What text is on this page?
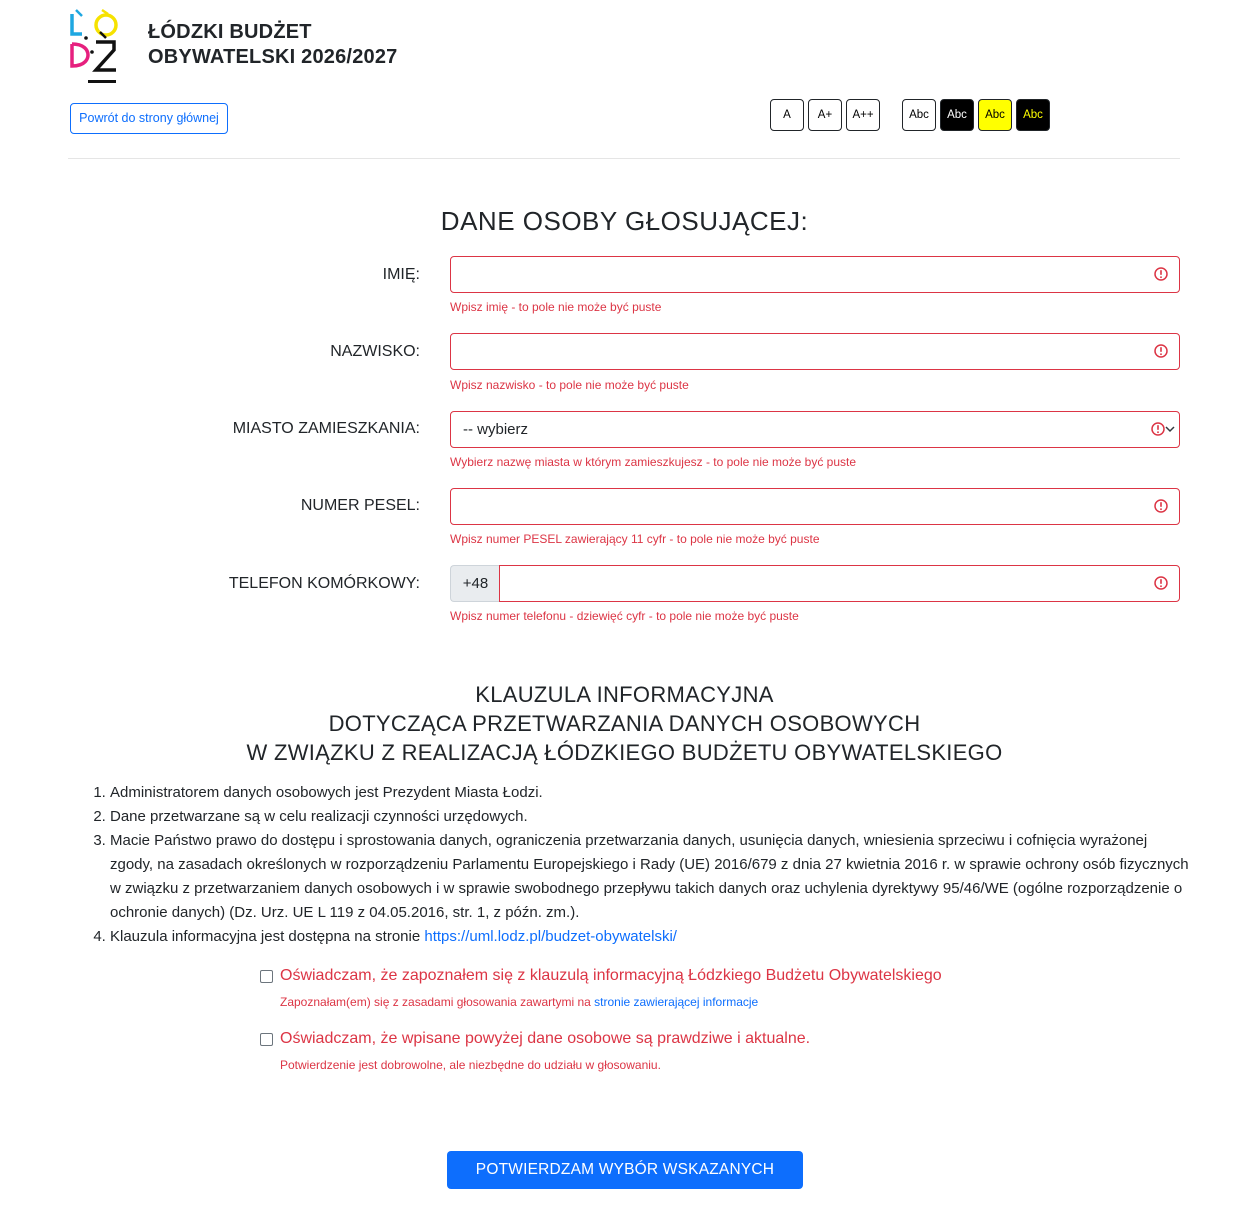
ŁÓDZKI BUDŻET
OBYWATELSKI 2026/2027
Powrót do strony głównej	A	A+	A++	Abc	Abc	Abc	Abc
DANE OSOBY GŁOSUJĄCEJ:
IMIĘ:
Wpisz imię - to pole nie może być puste
NAZWISKO:
Wpisz nazwisko - to pole nie może być puste
MIASTO ZAMIESZKANIA:	-- wybierz
Wybierz nazwę miasta w którym zamieszkujesz - to pole nie może być puste
NUMER PESEL:
Wpisz numer PESEL zawierający 11 cyfr - to pole nie może być puste
TELEFON KOMÓRKOWY:	+48
Wpisz numer telefonu - dziewięć cyfr - to pole nie może być puste
KLAUZULA INFORMACYJNA
DOTYCZĄCA PRZETWARZANIA DANYCH OSOBOWYCH
W ZWIĄZKU Z REALIZACJĄ ŁÓDZKIEGO BUDŻETU OBYWATELSKIEGO
1. Administratorem danych osobowych jest Prezydent Miasta Łodzi.
2. Dane przetwarzane są w celu realizacji czynności urzędowych.
3. Macie Państwo prawo do dostępu i sprostowania danych, ograniczenia przetwarzania danych, usunięcia danych, wniesienia sprzeciwu i cofnięcia wyrażonej zgody, na zasadach określonych w rozporządzeniu Parlamentu Europejskiego i Rady (UE) 2016/679 z dnia 27 kwietnia 2016 r. w sprawie ochrony osób fizycznych w związku z przetwarzaniem danych osobowych i w sprawie swobodnego przepływu takich danych oraz uchylenia dyrektywy 95/46/WE (ogólne rozporządzenie o ochronie danych) (Dz. Urz. UE L 119 z 04.05.2016, str. 1, z późn. zm.).
4. Klauzula informacyjna jest dostępna na stronie https://uml.lodz.pl/budzet-obywatelski/
Oświadczam, że zapoznałem się z klauzulą informacyjną Łódzkiego Budżetu Obywatelskiego
Zapoznałam(em) się z zasadami głosowania zawartymi na stronie zawierającej informacje
Oświadczam, że wpisane powyżej dane osobowe są prawdziwe i aktualne.
Potwierdzenie jest dobrowolne, ale niezbędne do udziału w głosowaniu.
POTWIERDZAM WYBÓR WSKAZANYCH PROJEKTÓW
